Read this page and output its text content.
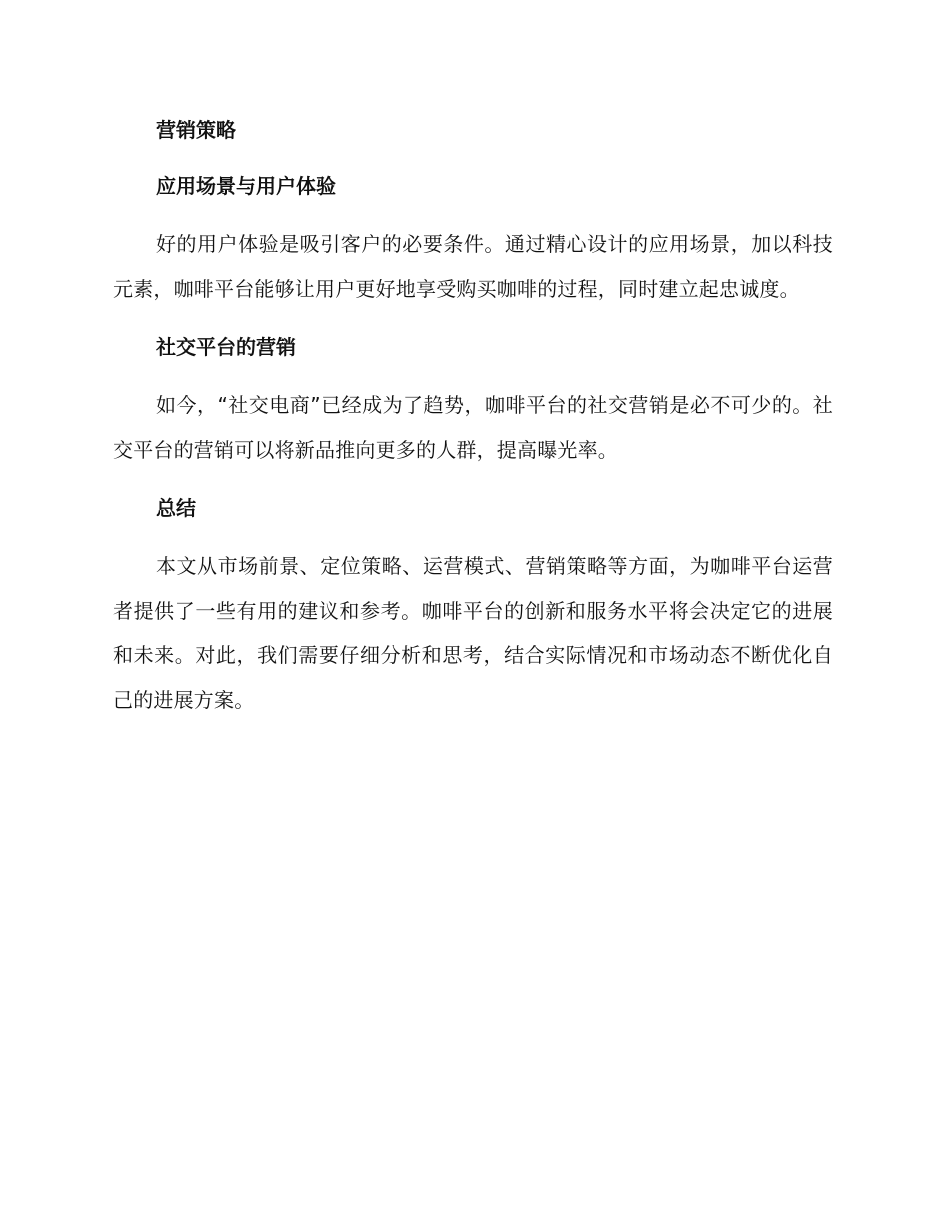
营销策略
应用场景与用户体验

好的用户体验是吸引客户的必要条件。通过精心设计的应用场景，加以科技元素，咖啡平台能够让用户更好地享受购买咖啡的过程，同时建立起忠诚度。

社交平台的营销

如今，“社交电商”已经成为了趋势，咖啡平台的社交营销是必不可少的。社交平台的营销可以将新品推向更多的人群，提高曝光率。

总结

本文从市场前景、定位策略、运营模式、营销策略等方面，为咖啡平台运营者提供了一些有用的建议和参考。咖啡平台的创新和服务水平将会决定它的进展和未来。对此，我们需要仔细分析和思考，结合实际情况和市场动态不断优化自己的进展方案。
